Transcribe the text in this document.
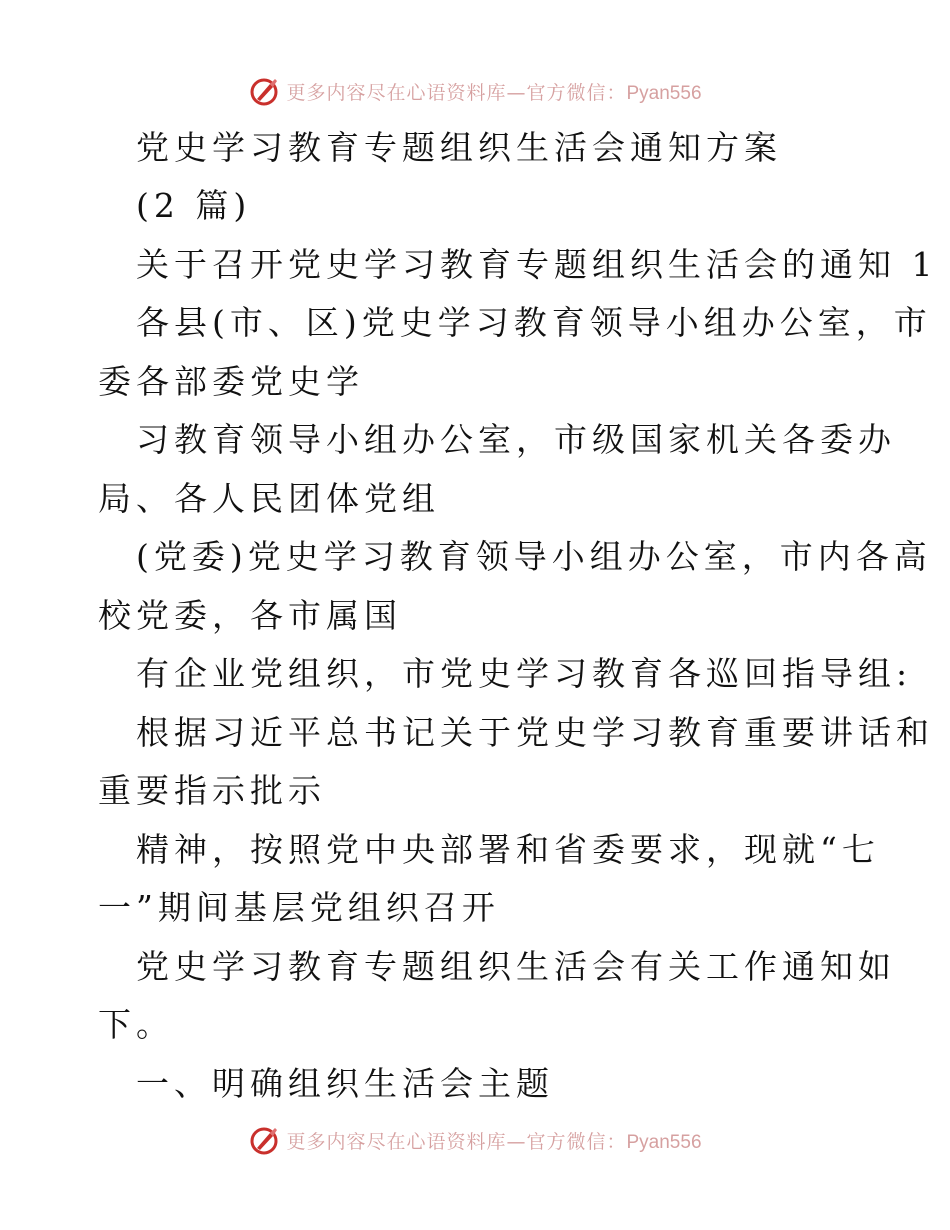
更多内容尽在心语资料库—官方微信：Pyan556
党史学习教育专题组织生活会通知方案
(2 篇)
关于召开党史学习教育专题组织生活会的通知 1
各县(市、区)党史学习教育领导小组办公室，市
委各部委党史学
习教育领导小组办公室，市级国家机关各委办
局、各人民团体党组
(党委)党史学习教育领导小组办公室，市内各高
校党委，各市属国
有企业党组织，市党史学习教育各巡回指导组:
根据习近平总书记关于党史学习教育重要讲话和
重要指示批示
精神，按照党中央部署和省委要求，现就“七
一”期间基层党组织召开
党史学习教育专题组织生活会有关工作通知如
下。
一、明确组织生活会主题
更多内容尽在心语资料库—官方微信：Pyan556
